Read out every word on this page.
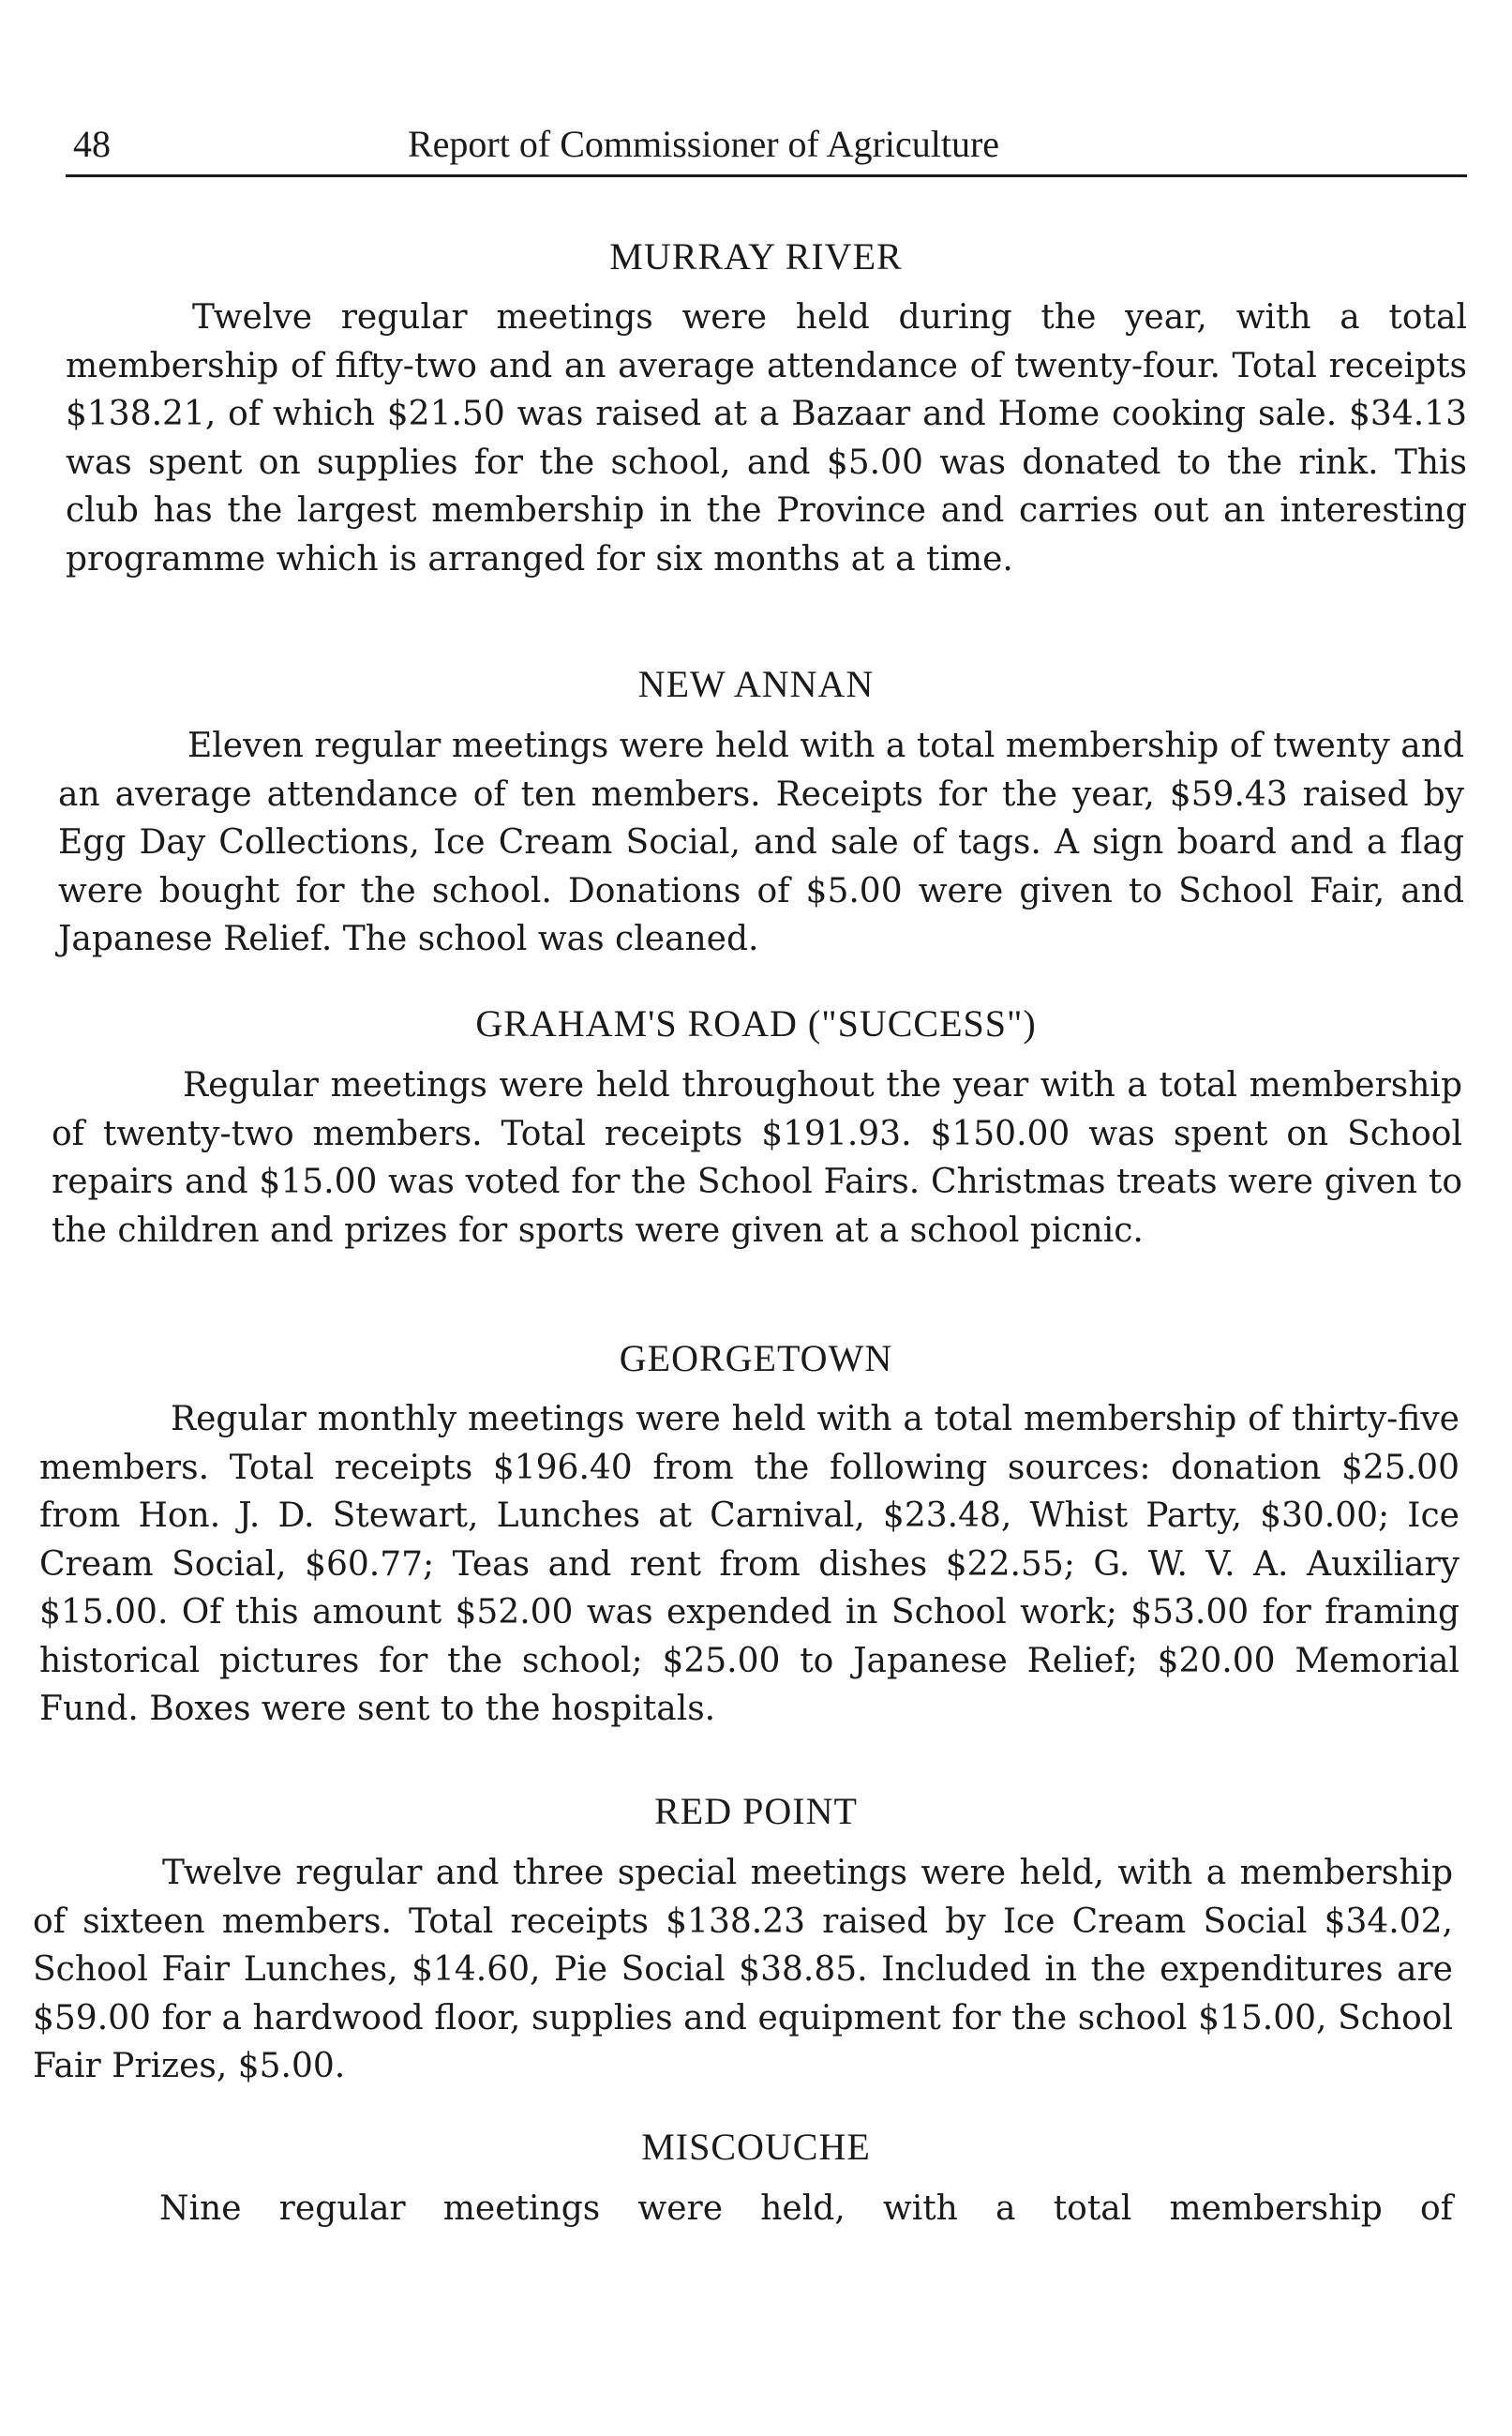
48	Report of Commissioner of Agriculture
MURRAY RIVER

Twelve regular meetings were held during the year, with a total membership of fifty-two and an average attendance of twenty-four. Total receipts $138.21, of which $21.50 was raised at a Bazaar and Home cooking sale. $34.13 was spent on supplies for the school, and $5.00 was donated to the rink. This club has the largest membership in the Province and carries out an interesting programme which is arranged for six months at a time.

NEW ANNAN

Eleven regular meetings were held with a total membership of twenty and an average attendance of ten members. Receipts for the year, $59.43 raised by Egg Day Collections, Ice Cream Social, and sale of tags. A sign board and a flag were bought for the school. Donations of $5.00 were given to School Fair, and Japanese Relief. The school was cleaned.

GRAHAM'S ROAD ("SUCCESS")

Regular meetings were held throughout the year with a total membership of twenty-two members. Total receipts $191.93. $150.00 was spent on School repairs and $15.00 was voted for the School Fairs. Christmas treats were given to the children and prizes for sports were given at a school picnic.

GEORGETOWN

Regular monthly meetings were held with a total membership of thirty-five members. Total receipts $196.40 from the following sources: donation $25.00 from Hon. J. D. Stewart, Lunches at Carnival, $23.48, Whist Party, $30.00; Ice Cream Social, $60.77; Teas and rent from dishes $22.55; G. W. V. A. Auxiliary $15.00. Of this amount $52.00 was expended in School work; $53.00 for framing historical pictures for the school; $25.00 to Japanese Relief; $20.00 Memorial Fund. Boxes were sent to the hospitals.

RED POINT

Twelve regular and three special meetings were held, with a membership of sixteen members. Total receipts $138.23 raised by Ice Cream Social $34.02, School Fair Lunches, $14.60, Pie Social $38.85. Included in the expenditures are $59.00 for a hardwood floor, supplies and equipment for the school $15.00, School Fair Prizes, $5.00.

MISCOUCHE

Nine regular meetings were held, with a total membership of
